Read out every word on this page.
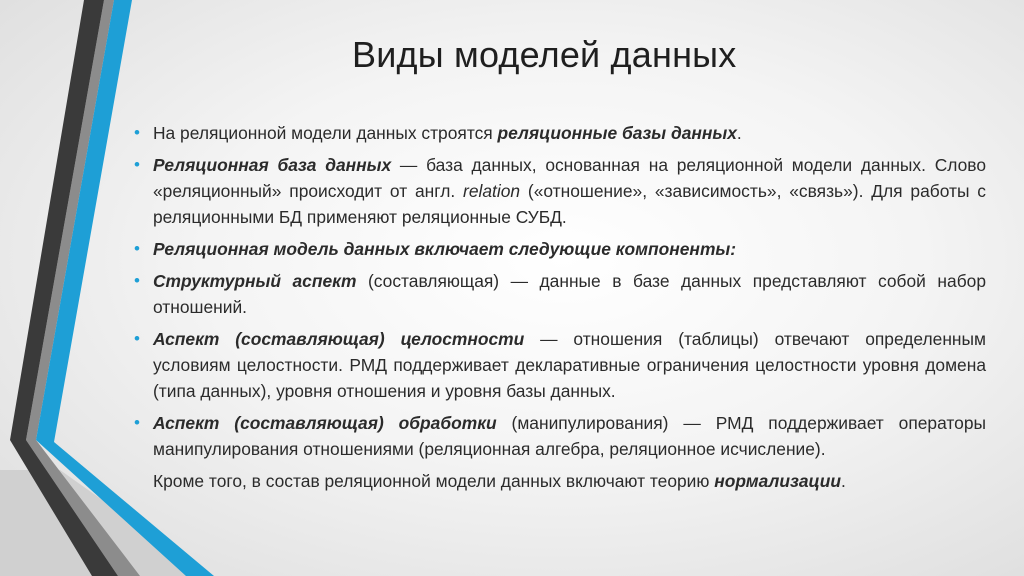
Виды моделей данных
• На реляционной модели данных строятся реляционные базы данных.
• Реляционная база данных — база данных, основанная на реляционной модели данных. Слово «реляционный» происходит от англ. relation («отношение», «зависимость», «связь»). Для работы с реляционными БД применяют реляционные СУБД.
• Реляционная модель данных включает следующие компоненты:
• Структурный аспект (составляющая) — данные в базе данных представляют собой набор отношений.
• Аспект (составляющая) целостности — отношения (таблицы) отвечают определенным условиям целостности. РМД поддерживает декларативные ограничения целостности уровня домена (типа данных), уровня отношения и уровня базы данных.
• Аспект (составляющая) обработки (манипулирования) — РМД поддерживает операторы манипулирования отношениями (реляционная алгебра, реляционное исчисление).
Кроме того, в состав реляционной модели данных включают теорию нормализации.
